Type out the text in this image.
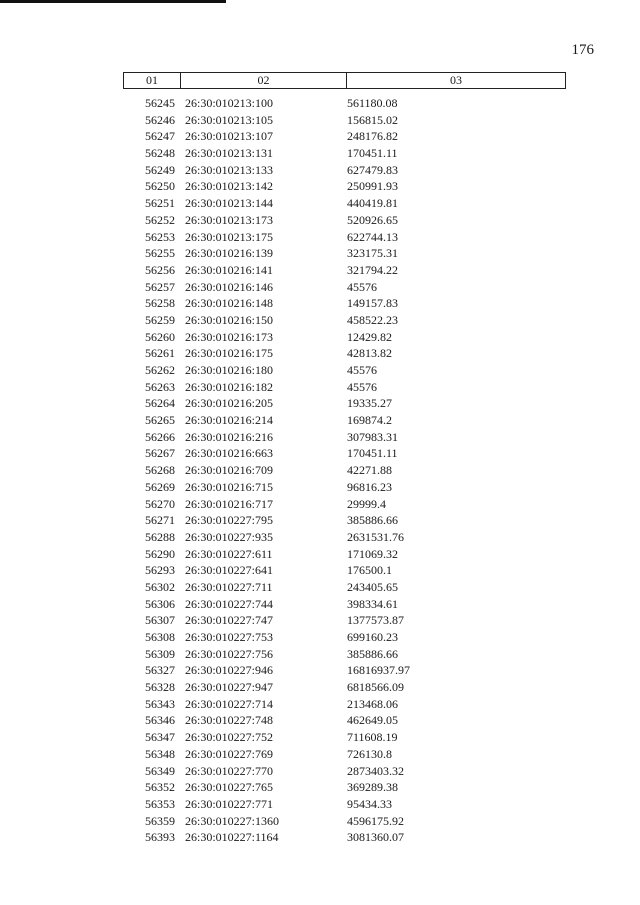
176
01	02	03
56245 26:30:010213:100	561180.08
56246 26:30:010213:105	156815.02
56247 26:30:010213:107	248176.82
56248 26:30:010213:131	170451.11
56249 26:30:010213:133	627479.83
56250 26:30:010213:142	250991.93
56251 26:30:010213:144	440419.81
56252 26:30:010213:173	520926.65
56253 26:30:010213:175	622744.13
56255 26:30:010216:139	323175.31
56256 26:30:010216:141	321794.22
56257 26:30:010216:146	45576
56258 26:30:010216:148	149157.83
56259 26:30:010216:150	458522.23
56260 26:30:010216:173	12429.82
56261 26:30:010216:175	42813.82
56262 26:30:010216:180	45576
56263 26:30:010216:182	45576
56264 26:30:010216:205	19335.27
56265 26:30:010216:214	169874.2
56266 26:30:010216:216	307983.31
56267 26:30:010216:663	170451.11
56268 26:30:010216:709	42271.88
56269 26:30:010216:715	96816.23
56270 26:30:010216:717	29999.4
56271 26:30:010227:795	385886.66
56288 26:30:010227:935	2631531.76
56290 26:30:010227:611	171069.32
56293 26:30:010227:641	176500.1
56302 26:30:010227:711	243405.65
56306 26:30:010227:744	398334.61
56307 26:30:010227:747	1377573.87
56308 26:30:010227:753	699160.23
56309 26:30:010227:756	385886.66
56327 26:30:010227:946	16816937.97
56328 26:30:010227:947	6818566.09
56343 26:30:010227:714	213468.06
56346 26:30:010227:748	462649.05
56347 26:30:010227:752	711608.19
56348 26:30:010227:769	726130.8
56349 26:30:010227:770	2873403.32
56352 26:30:010227:765	369289.38
56353 26:30:010227:771	95434.33
56359 26:30:010227:1360	4596175.92
56393 26:30:010227:1164	3081360.07
